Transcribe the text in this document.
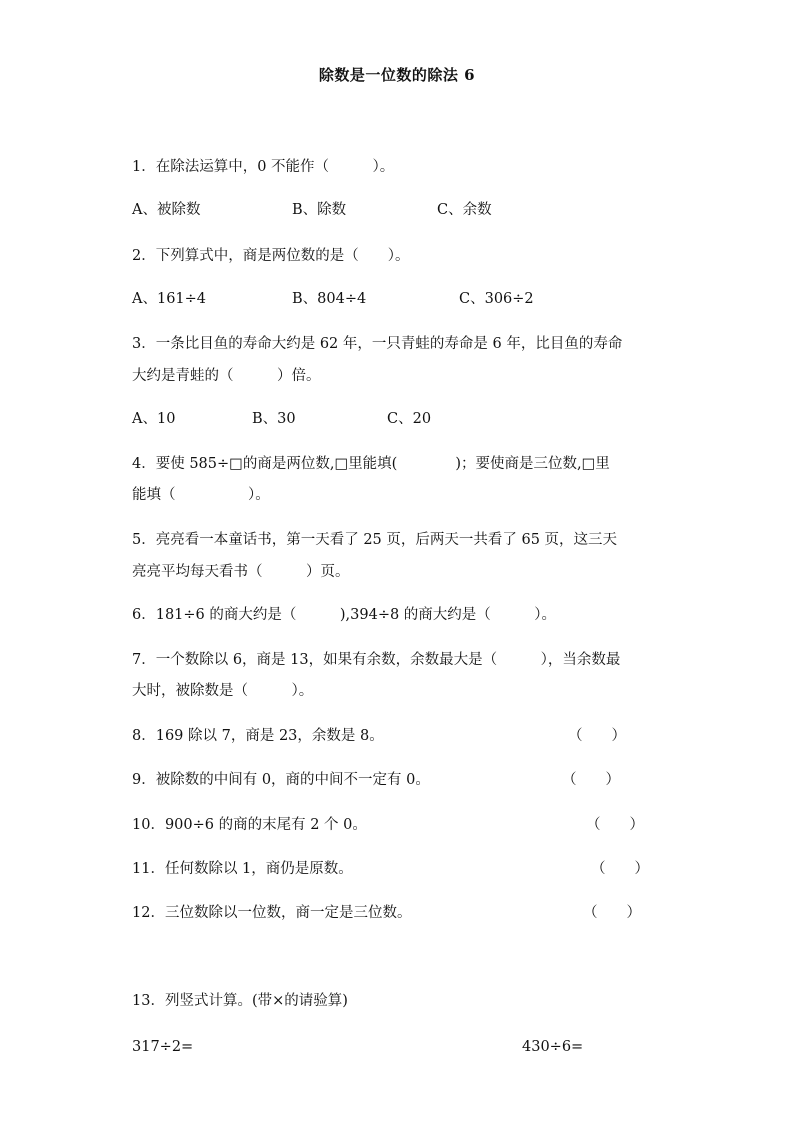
除数是一位数的除法 6
1．在除法运算中，0 不能作（　　　）。
A、被除数	B、除数	C、余数
2．下列算式中，商是两位数的是（　　）。
A、161÷4	B、804÷4	C、306÷2
3．一条比目鱼的寿命大约是 62 年，一只青蛙的寿命是 6 年，比目鱼的寿命
大约是青蛙的（　　　）倍。
A、10	B、30	C、20
4．要使 585÷□的商是两位数,□里能填(　　　　)；要使商是三位数,□里
能填（　　　　　）。
5．亮亮看一本童话书，第一天看了 25 页，后两天一共看了 65 页，这三天
亮亮平均每天看书（　　　）页。
6．181÷6 的商大约是（　　　),394÷8 的商大约是（　　　）。
7．一个数除以 6，商是 13，如果有余数，余数最大是（　　　），当余数最
大时，被除数是（　　　）。
8．169 除以 7，商是 23，余数是 8。	（　　）
9．被除数的中间有 0，商的中间不一定有 0。	（　　）
10．900÷6 的商的末尾有 2 个 0。	（　　）
11．任何数除以 1，商仍是原数。	（　　）
12．三位数除以一位数，商一定是三位数。	（　　）
13．列竖式计算。(带×的请验算)
317÷2=	430÷6=
